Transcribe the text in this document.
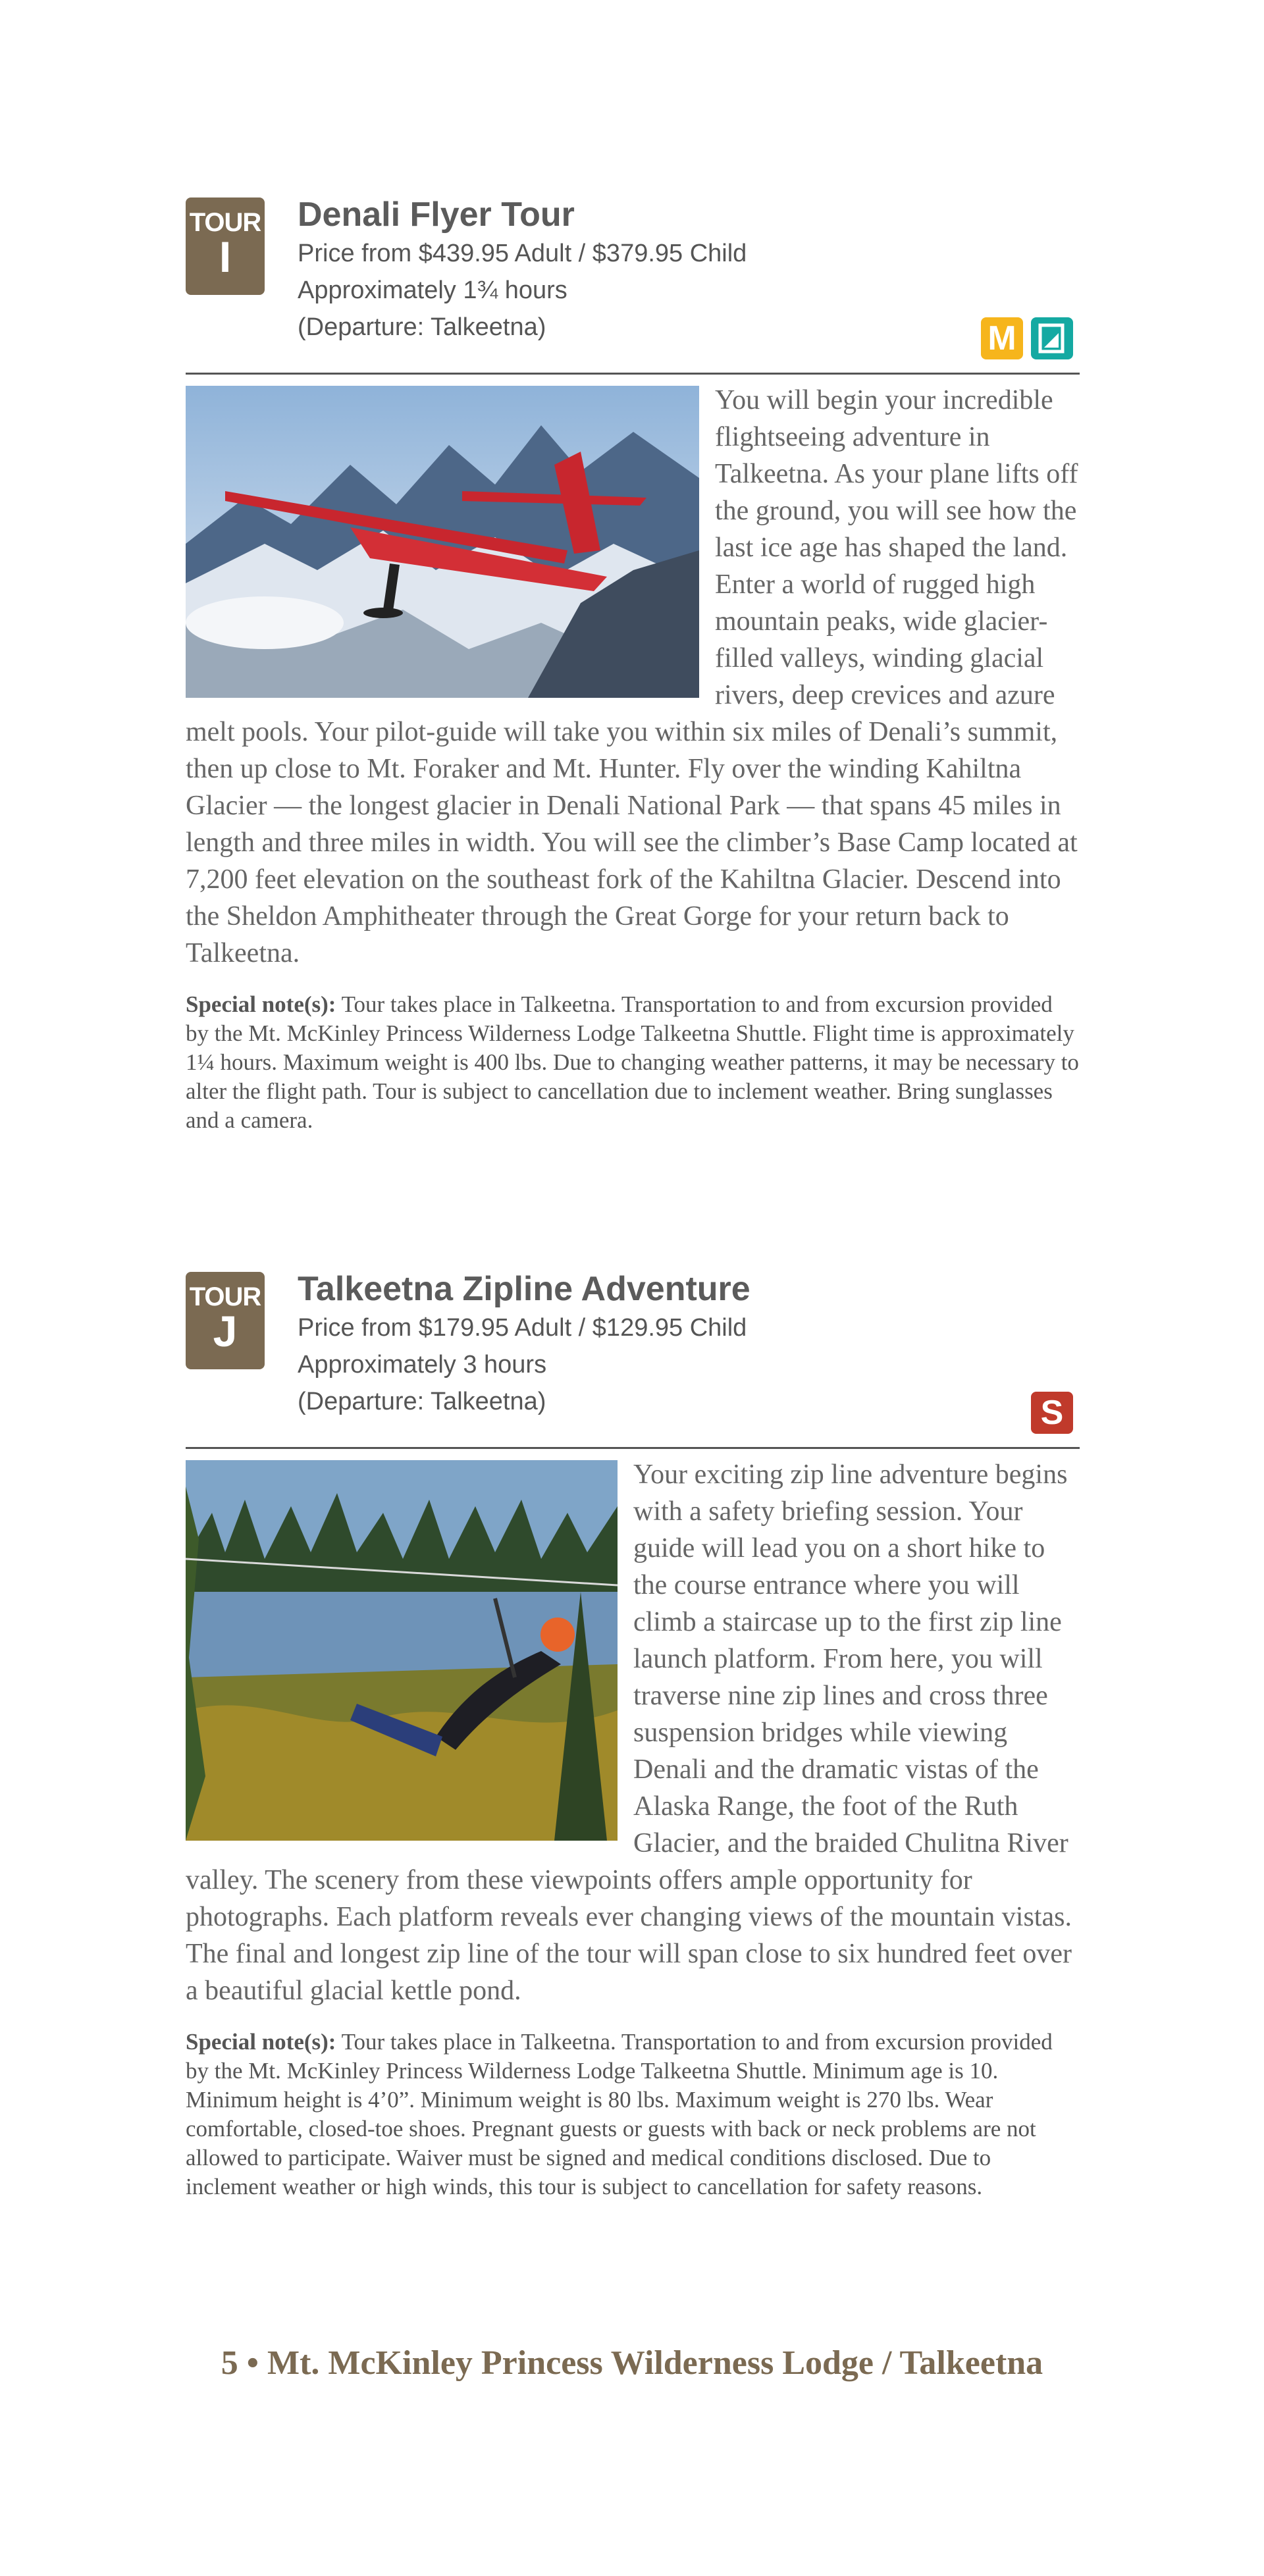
TOUR
I
Denali Flyer Tour
Price from $439.95 Adult / $379.95 Child
Approximately 1¾ hours
(Departure: Talkeetna)	M
You will begin your incredible flightseeing adventure in Talkeetna. As your plane lifts off the ground, you will see how the last ice age has shaped the land. Enter a world of rugged high mountain peaks, wide glacier-filled valleys, winding glacial rivers, deep crevices and azure melt pools. Your pilot-guide will take you within six miles of Denali’s summit, then up close to Mt. Foraker and Mt. Hunter. Fly over the winding Kahiltna Glacier — the longest glacier in Denali National Park — that spans 45 miles in length and three miles in width. You will see the climber’s Base Camp located at 7,200 feet elevation on the southeast fork of the Kahiltna Glacier. Descend into the Sheldon Amphitheater through the Great Gorge for your return back to Talkeetna.
Special note(s): Tour takes place in Talkeetna. Transportation to and from excursion provided by the Mt. McKinley Princess Wilderness Lodge Talkeetna Shuttle. Flight time is approximately 1¼ hours. Maximum weight is 400 lbs. Due to changing weather patterns, it may be necessary to alter the flight path. Tour is subject to cancellation due to inclement weather. Bring sunglasses and a camera.
TOUR
J
Talkeetna Zipline Adventure
Price from $179.95 Adult / $129.95 Child
Approximately 3 hours
(Departure: Talkeetna)	S
Your exciting zip line adventure begins with a safety briefing session. Your guide will lead you on a short hike to the course entrance where you will climb a staircase up to the first zip line launch platform. From here, you will traverse nine zip lines and cross three suspension bridges while viewing Denali and the dramatic vistas of the Alaska Range, the foot of the Ruth Glacier, and the braided Chulitna River valley. The scenery from these viewpoints offers ample opportunity for photographs. Each platform reveals ever changing views of the mountain vistas. The final and longest zip line of the tour will span close to six hundred feet over a beautiful glacial kettle pond.
Special note(s): Tour takes place in Talkeetna. Transportation to and from excursion provided by the Mt. McKinley Princess Wilderness Lodge Talkeetna Shuttle. Minimum age is 10. Minimum height is 4’0”. Minimum weight is 80 lbs. Maximum weight is 270 lbs. Wear comfortable, closed-toe shoes. Pregnant guests or guests with back or neck problems are not allowed to participate. Waiver must be signed and medical conditions disclosed. Due to inclement weather or high winds, this tour is subject to cancellation for safety reasons.
5 • Mt. McKinley Princess Wilderness Lodge / Talkeetna
